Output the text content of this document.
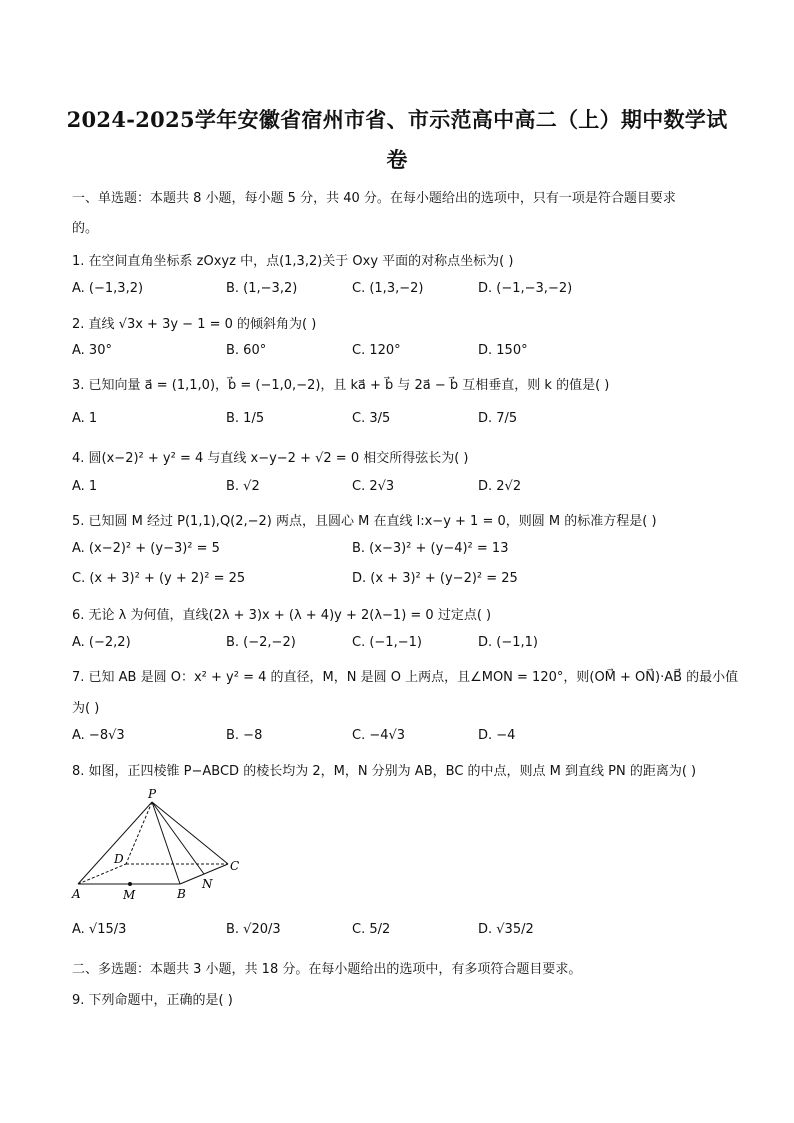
2024-2025学年安徽省宿州市省、市示范高中高二（上）期中数学试
卷
一、单选题：本题共 8 小题，每小题 5 分，共 40 分。在每小题给出的选项中，只有一项是符合题目要求
的。
1. 在空间直角坐标系 zOxyz 中，点(1,3,2)关于 Oxy 平面的对称点坐标为( )
A. (−1,3,2)	B. (1,−3,2)	C. (1,3,−2)	D. (−1,−3,−2)
2. 直线 √3x + 3y − 1 = 0 的倾斜角为( )
A. 30°	B. 60°	C. 120°	D. 150°
3. 已知向量 a⃗ = (1,1,0)，b⃗ = (−1,0,−2)，且 ka⃗ + b⃗ 与 2a⃗ − b⃗ 互相垂直，则 k 的值是( )
A. 1	B. 1/5	C. 3/5	D. 7/5
4. 圆(x−2)² + y² = 4 与直线 x−y−2 + √2 = 0 相交所得弦长为( )
A. 1	B. √2	C. 2√3	D. 2√2
5. 已知圆 M 经过 P(1,1),Q(2,−2) 两点，且圆心 M 在直线 l:x−y + 1 = 0，则圆 M 的标准方程是( )
A. (x−2)² + (y−3)² = 5	B. (x−3)² + (y−4)² = 13
C. (x + 3)² + (y + 2)² = 25	D. (x + 3)² + (y−2)² = 25
6. 无论 λ 为何值，直线(2λ + 3)x + (λ + 4)y + 2(λ−1) = 0 过定点( )
A. (−2,2)	B. (−2,−2)	C. (−1,−1)	D. (−1,1)
7. 已知 AB 是圆 O：x² + y² = 4 的直径，M，N 是圆 O 上两点，且∠MON = 120°，则(OM⃗ + ON⃗)·AB⃗ 的最小值
为( )
A. −8√3	B. −8	C. −4√3	D. −4
8. 如图，正四棱锥 P−ABCD 的棱长均为 2，M，N 分别为 AB，BC 的中点，则点 M 到直线 PN 的距离为( )
P
D	C
A	M	B
N
A. √15/3	B. √20/3	C. 5/2	D. √35/2
二、多选题：本题共 3 小题，共 18 分。在每小题给出的选项中，有多项符合题目要求。
9. 下列命题中，正确的是( )
